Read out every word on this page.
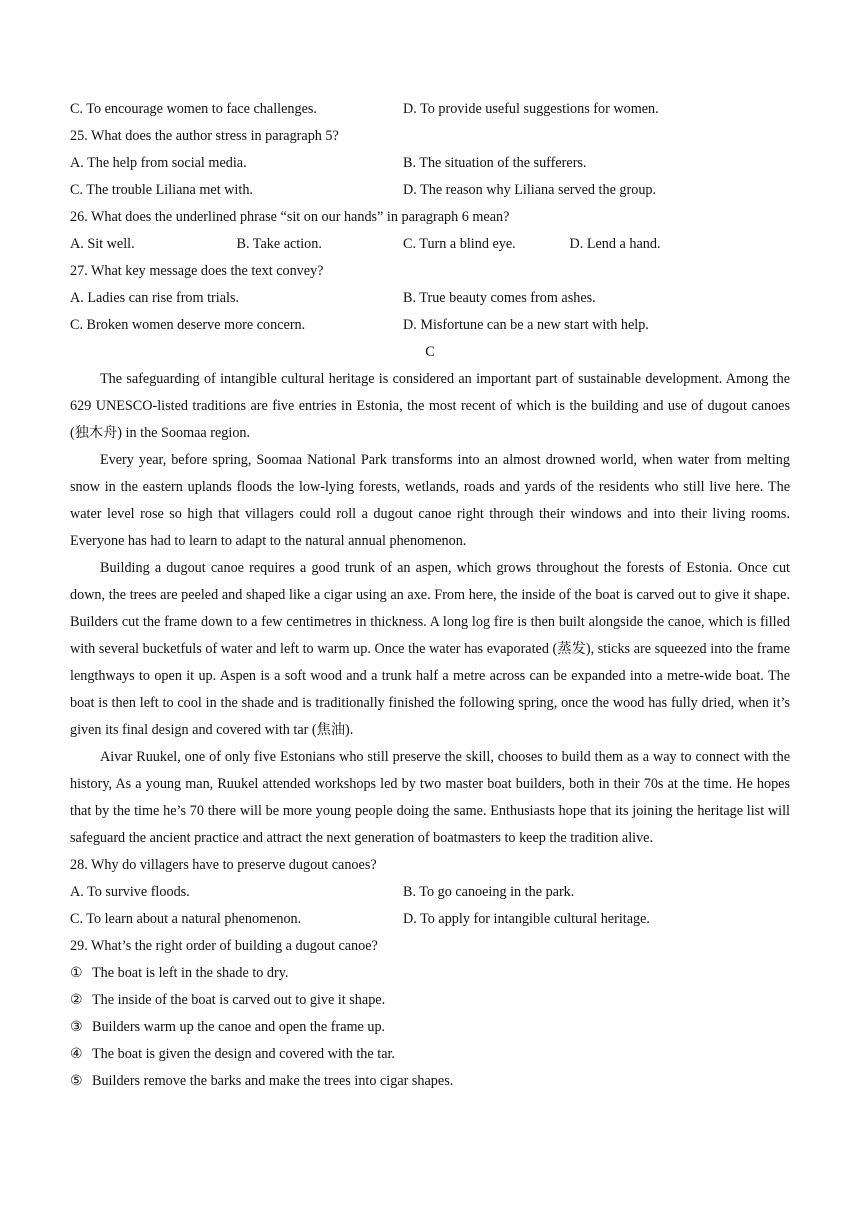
C. To encourage women to face challenges.	D. To provide useful suggestions for women.
25. What does the author stress in paragraph 5?
A. The help from social media.	B. The situation of the sufferers.
C. The trouble Liliana met with.	D. The reason why Liliana served the group.
26. What does the underlined phrase “sit on our hands” in paragraph 6 mean?
A. Sit well.	B. Take action.	C. Turn a blind eye.	D. Lend a hand.
27. What key message does the text convey?
A. Ladies can rise from trials.	B. True beauty comes from ashes.
C. Broken women deserve more concern.	D. Misfortune can be a new start with help.
C

The safeguarding of intangible cultural heritage is considered an important part of sustainable development. Among the 629 UNESCO-listed traditions are five entries in Estonia, the most recent of which is the building and use of dugout canoes (独木舟) in the Soomaa region.

Every year, before spring, Soomaa National Park transforms into an almost drowned world, when water from melting snow in the eastern uplands floods the low-lying forests, wetlands, roads and yards of the residents who still live here. The water level rose so high that villagers could roll a dugout canoe right through their windows and into their living rooms. Everyone has had to learn to adapt to the natural annual phenomenon.

Building a dugout canoe requires a good trunk of an aspen, which grows throughout the forests of Estonia. Once cut down, the trees are peeled and shaped like a cigar using an axe. From here, the inside of the boat is carved out to give it shape. Builders cut the frame down to a few centimetres in thickness. A long log fire is then built alongside the canoe, which is filled with several bucketfuls of water and left to warm up. Once the water has evaporated (蒸发), sticks are squeezed into the frame lengthways to open it up. Aspen is a soft wood and a trunk half a metre across can be expanded into a metre-wide boat. The boat is then left to cool in the shade and is traditionally finished the following spring, once the wood has fully dried, when it’s given its final design and covered with tar (焦油).

Aivar Ruukel, one of only five Estonians who still preserve the skill, chooses to build them as a way to connect with the history, As a young man, Ruukel attended workshops led by two master boat builders, both in their 70s at the time. He hopes that by the time he’s 70 there will be more young people doing the same. Enthusiasts hope that its joining the heritage list will safeguard the ancient practice and attract the next generation of boatmasters to keep the tradition alive.

28. Why do villagers have to preserve dugout canoes?
A. To survive floods.	B. To go canoeing in the park.
C. To learn about a natural phenomenon.	D. To apply for intangible cultural heritage.
29. What’s the right order of building a dugout canoe?
① The boat is left in the shade to dry.
② The inside of the boat is carved out to give it shape.
③ Builders warm up the canoe and open the frame up.
④ The boat is given the design and covered with the tar.
⑤ Builders remove the barks and make the trees into cigar shapes.
